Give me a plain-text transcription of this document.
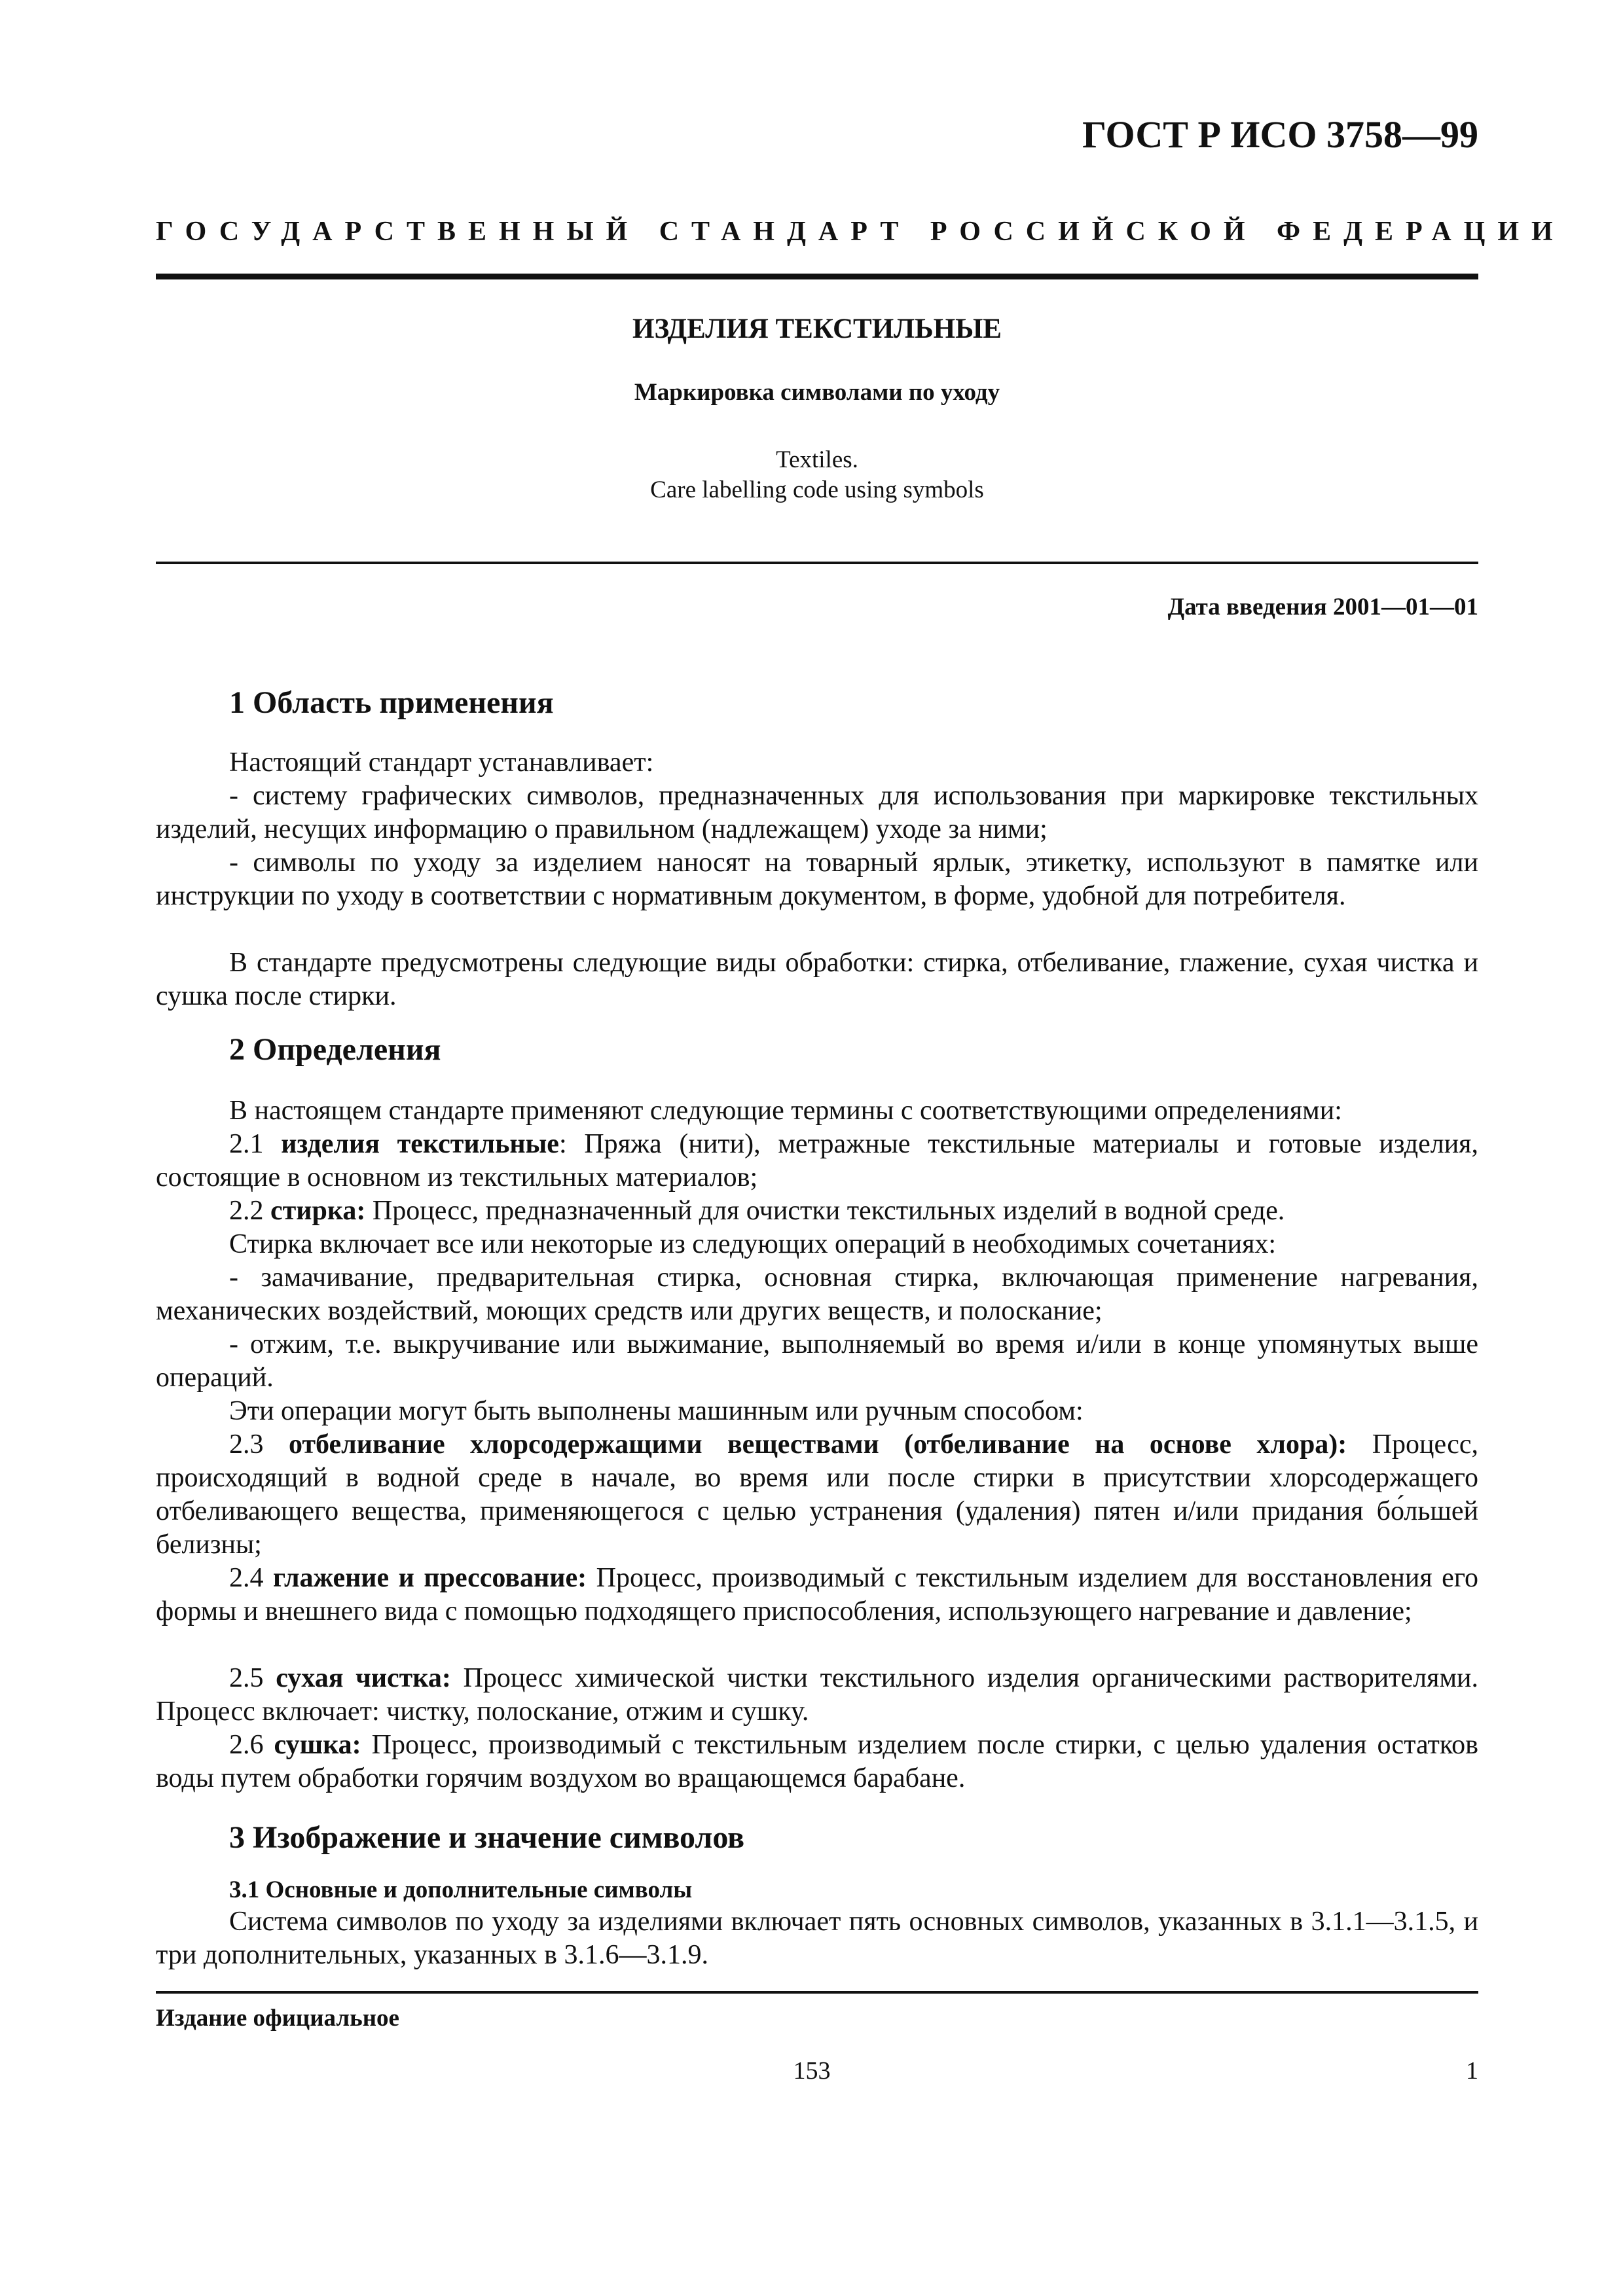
ГОСТ Р ИСО 3758—99
ГОСУДАРСТВЕННЫЙ СТАНДАРТ РОССИЙСКОЙ ФЕДЕРАЦИИ
ИЗДЕЛИЯ ТЕКСТИЛЬНЫЕ
Маркировка символами по уходу
Textiles.
Care labelling code using symbols
Дата введения 2001—01—01
1 Область применения
Настоящий стандарт устанавливает:
- систему графических символов, предназначенных для использования при маркировке текстильных изделий, несущих информацию о правильном (надлежащем) уходе за ними;
- символы по уходу за изделием наносят на товарный ярлык, этикетку, используют в памятке или инструкции по уходу в соответствии с нормативным документом, в форме, удобной для потребителя.
В стандарте предусмотрены следующие виды обработки: стирка, отбеливание, глажение, сухая чистка и сушка после стирки.
2 Определения
В настоящем стандарте применяют следующие термины с соответствующими определениями:
2.1 изделия текстильные: Пряжа (нити), метражные текстильные материалы и готовые изделия, состоящие в основном из текстильных материалов;
2.2 стирка: Процесс, предназначенный для очистки текстильных изделий в водной среде.
Стирка включает все или некоторые из следующих операций в необходимых сочетаниях:
- замачивание, предварительная стирка, основная стирка, включающая применение нагревания, механических воздействий, моющих средств или других веществ, и полоскание;
- отжим, т.е. выкручивание или выжимание, выполняемый во время и/или в конце упомянутых выше операций.
Эти операции могут быть выполнены машинным или ручным способом:
2.3 отбеливание хлорсодержащими веществами (отбеливание на основе хлора): Процесс, происходящий в водной среде в начале, во время или после стирки в присутствии хлорсодержащего отбеливающего вещества, применяющегося с целью устранения (удаления) пятен и/или придания бо́льшей белизны;
2.4 глажение и прессование: Процесс, производимый с текстильным изделием для восстановления его формы и внешнего вида с помощью подходящего приспособления, использующего нагревание и давление;
2.5 сухая чистка: Процесс химической чистки текстильного изделия органическими растворителями. Процесс включает: чистку, полоскание, отжим и сушку.
2.6 сушка: Процесс, производимый с текстильным изделием после стирки, с целью удаления остатков воды путем обработки горячим воздухом во вращающемся барабане.
3 Изображение и значение символов
3.1 Основные и дополнительные символы
Система символов по уходу за изделиями включает пять основных символов, указанных в 3.1.1—3.1.5, и три дополнительных, указанных в 3.1.6—3.1.9.
Издание официальное
153	1
